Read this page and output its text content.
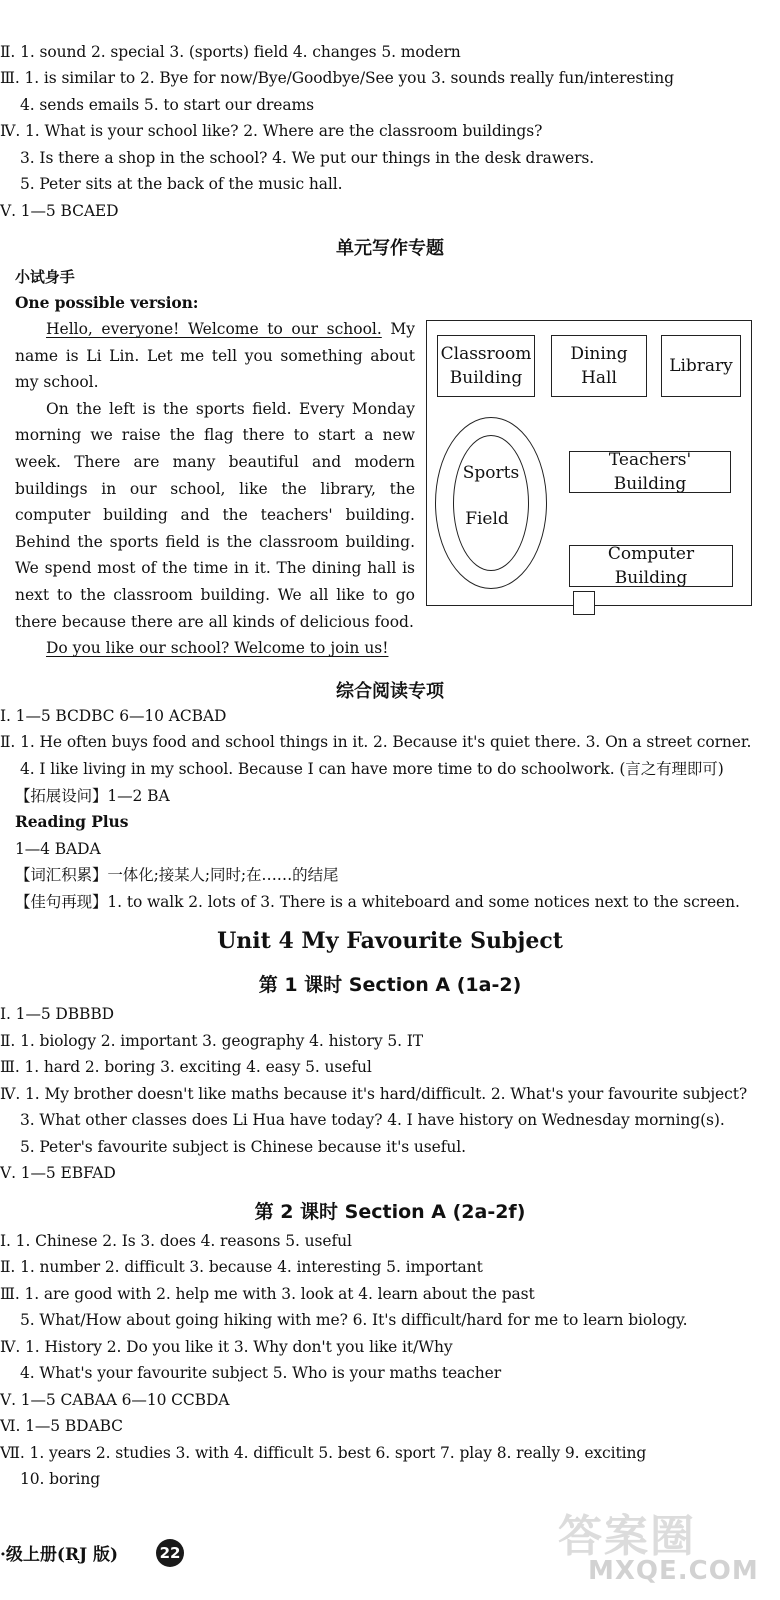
Ⅱ. 1. sound 2. special 3. (sports) field 4. changes 5. modern
Ⅲ. 1. is similar to 2. Bye for now/Bye/Goodbye/See you 3. sounds really fun/interesting
4. sends emails 5. to start our dreams
Ⅳ. 1. What is your school like? 2. Where are the classroom buildings?
3. Is there a shop in the school? 4. We put our things in the desk drawers.
5. Peter sits at the back of the music hall.
Ⅴ. 1—5 BCAED
单元写作专题
小试身手
One possible version:

Hello, everyone! Welcome to our school. My name is Li Lin. Let me tell you something about my school.

On the left is the sports field. Every Monday morning we raise the flag there to start a new week. There are many beautiful and modern buildings in our school, like the library, the computer building and the teachers' building. Behind the sports field is the classroom building. We spend most of the time in it. The dining hall is next to the classroom building. We all like to go there because there are all kinds of delicious food.

Do you like our school? Welcome to join us!

Classroom Building
Dining Hall
Library
Sports
Field
Teachers' Building
Computer Building
综合阅读专项
Ⅰ. 1—5 BCDBC 6—10 ACBAD
Ⅱ. 1. He often buys food and school things in it. 2. Because it's quiet there. 3. On a street corner.
4. I like living in my school. Because I can have more time to do schoolwork. (言之有理即可)
【拓展设问】1—2 BA
Reading Plus
1—4 BADA
【词汇积累】一体化;接某人;同时;在……的结尾
【佳句再现】1. to walk 2. lots of 3. There is a whiteboard and some notices next to the screen.
Unit 4 My Favourite Subject
第 1 课时 Section A (1a-2)
Ⅰ. 1—5 DBBBD
Ⅱ. 1. biology 2. important 3. geography 4. history 5. IT
Ⅲ. 1. hard 2. boring 3. exciting 4. easy 5. useful
Ⅳ. 1. My brother doesn't like maths because it's hard/difficult. 2. What's your favourite subject?
3. What other classes does Li Hua have today? 4. I have history on Wednesday morning(s).
5. Peter's favourite subject is Chinese because it's useful.
Ⅴ. 1—5 EBFAD
第 2 课时 Section A (2a-2f)
Ⅰ. 1. Chinese 2. Is 3. does 4. reasons 5. useful
Ⅱ. 1. number 2. difficult 3. because 4. interesting 5. important
Ⅲ. 1. are good with 2. help me with 3. look at 4. learn about the past
5. What/How about going hiking with me? 6. It's difficult/hard for me to learn biology.
Ⅳ. 1. History 2. Do you like it 3. Why don't you like it/Why
4. What's your favourite subject 5. Who is your maths teacher
Ⅴ. 1—5 CABAA 6—10 CCBDA
Ⅵ. 1—5 BDABC
Ⅶ. 1. years 2. studies 3. with 4. difficult 5. best 6. sport 7. play 8. really 9. exciting
10. boring
·级上册(RJ 版)	22	答案圈
MXQE.COM
